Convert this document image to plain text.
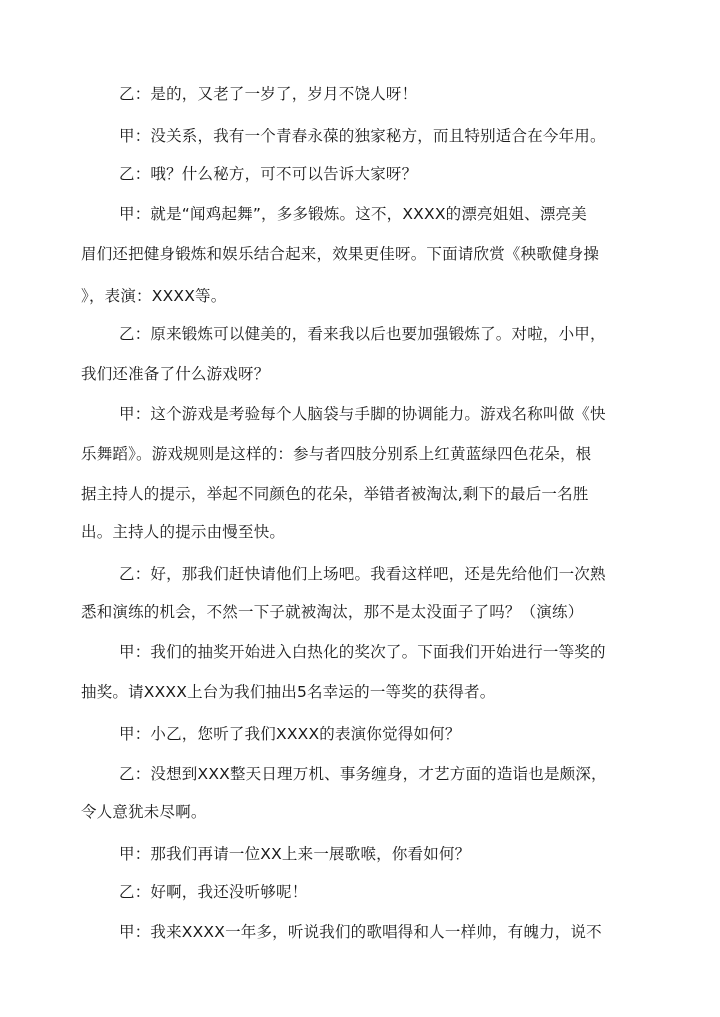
乙：是的，又老了一岁了，岁月不饶人呀！

甲：没关系，我有一个青春永葆的独家秘方，而且特别适合在今年用。

乙：哦？什么秘方，可不可以告诉大家呀？

甲：就是“闻鸡起舞”，多多锻炼。这不，XXXX的漂亮姐姐、漂亮美

眉们还把健身锻炼和娱乐结合起来，效果更佳呀。下面请欣赏《秧歌健身操

》，表演：XXXX等。

乙：原来锻炼可以健美的，看来我以后也要加强锻炼了。对啦，小甲，

我们还准备了什么游戏呀？

甲：这个游戏是考验每个人脑袋与手脚的协调能力。游戏名称叫做《快

乐舞蹈》。游戏规则是这样的：参与者四肢分别系上红黄蓝绿四色花朵，根

据主持人的提示，举起不同颜色的花朵，举错者被淘汰,剩下的最后一名胜

出。主持人的提示由慢至快。

乙：好，那我们赶快请他们上场吧。我看这样吧，还是先给他们一次熟

悉和演练的机会，不然一下子就被淘汰，那不是太没面子了吗？（演练）

甲：我们的抽奖开始进入白热化的奖次了。下面我们开始进行一等奖的

抽奖。请XXXX上台为我们抽出5名幸运的一等奖的获得者。

甲：小乙，您听了我们XXXX的表演你觉得如何？

乙：没想到XXX整天日理万机、事务缠身，才艺方面的造诣也是颇深，

令人意犹未尽啊。

甲：那我们再请一位XX上来一展歌喉，你看如何？

乙：好啊，我还没听够呢！

甲：我来XXXX一年多，听说我们的歌唱得和人一样帅，有魄力，说不
